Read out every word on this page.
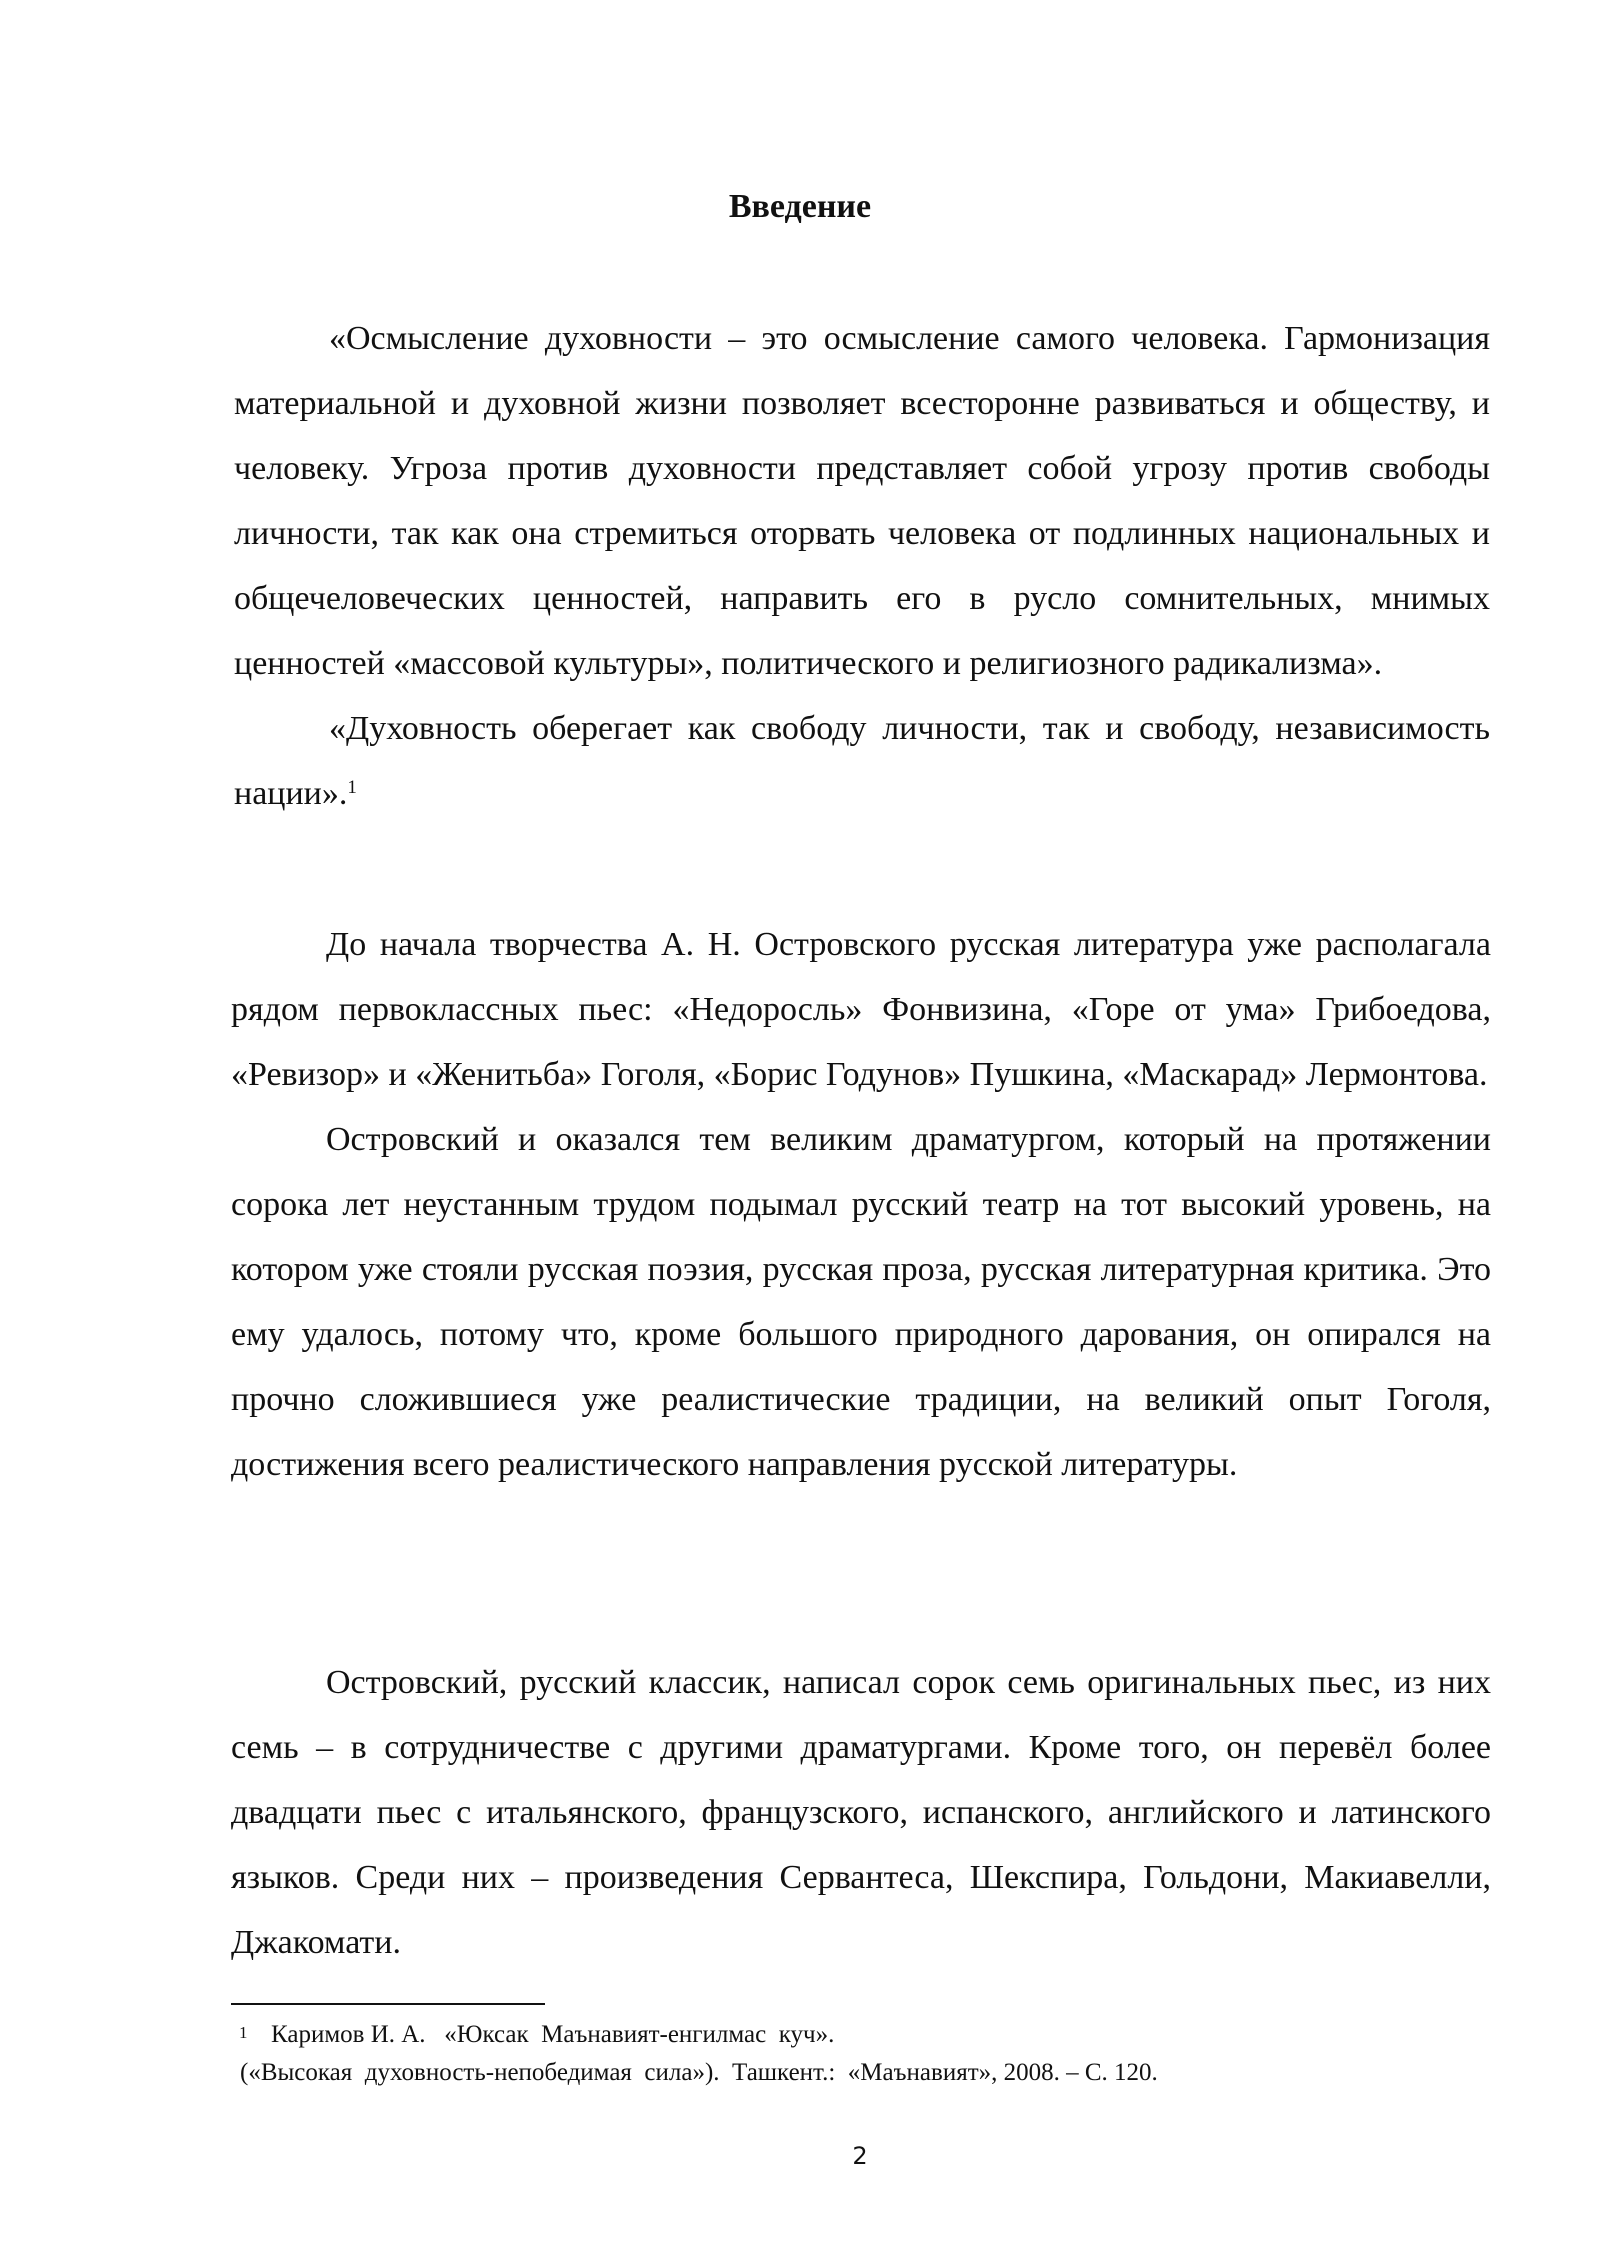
Введение

«Осмысление духовности – это осмысление самого человека. Гармонизация материальной и духовной жизни позволяет всесторонне развиваться и обществу, и человеку. Угроза против духовности представляет собой угрозу против свободы личности, так как она стремиться оторвать человека от подлинных национальных и общечеловеческих ценностей, направить его в русло сомнительных, мнимых ценностей «массовой культуры», политического и религиозного радикализма».

«Духовность оберегает как свободу личности, так и свободу, независимость нации».$^1$

До начала творчества А. Н. Островского русская литература уже располагала рядом первоклассных пьес: «Недоросль» Фонвизина, «Горе от ума» Грибоедова, «Ревизор» и «Женитьба» Гоголя, «Борис Годунов» Пушкина, «Маскарад» Лермонтова.

Островский и оказался тем великим драматургом, который на протяжении сорока лет неустанным трудом подымал русский театр на тот высокий уровень, на котором уже стояли русская поэзия, русская проза, русская литературная критика. Это ему удалось, потому что, кроме большого природного дарования, он опирался на прочно сложившиеся уже реалистические традиции, на великий опыт Гоголя, достижения всего реалистического направления русской литературы.

Островский, русский классик, написал сорок семь оригинальных пьес, из них семь – в сотрудничестве с другими драматургами. Кроме того, он перевёл более двадцати пьес с итальянского, французского, испанского, английского и латинского языков. Среди них – произведения Сервантеса, Шекспира, Гольдони, Макиавелли, Джакомати.

1 Каримов И. А.   «Юксак  Маънавият-енгилмас  куч».
(«Высокая  духовность-непобедимая  сила»).  Ташкент.:  «Маънавият», 2008. – С. 120.
2
